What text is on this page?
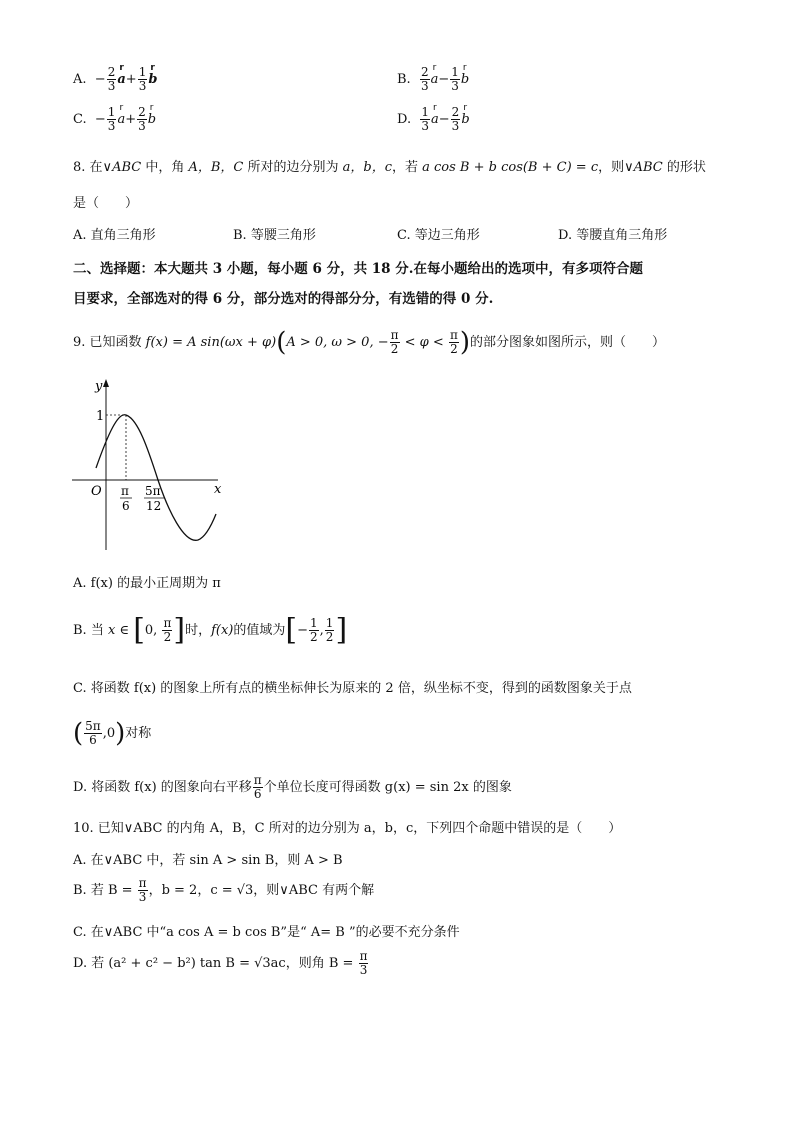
A. − $\frac{2}{3}$ r
$a+ \frac{1}{3}$ r
b	B. $\frac{2}{3}$ r
$a- \frac{1}{3}$ r
b
C. − $\frac{1}{3}$ r
$a+ \frac{2}{3}$ r
b	D. $\frac{1}{3}$ r
$a- \frac{2}{3}$ r
b
8. 在∨ABC 中，角 A，B，C 所对的边分别为 a，b，c，若 a cos B + b cos(B + C) = c，则∨ABC 的形状
是（　　）
A. 直角三角形	B. 等腰三角形	C. 等边三角形	D. 等腰直角三角形
二、选择题：本大题共 3 小题，每小题 6 分，共 18 分.在每小题给出的选项中，有多项符合题
目要求，全部选对的得 6 分，部分选对的得部分分，有选错的得 0 分.
9. 已知函数 f(x) = A sin(ωx + φ)(A > 0, ω > 0, − $\frac{\pi}{2} < \varphi < \frac{\pi}{2}$ )的部分图象如图所示，则（　　）
y
x
O
1
π
6
5π
12
A. f(x) 的最小正周期为 π
B. 当 x ∈ [0, $\frac{\pi}{2}$ ]时，f(x)的值域为[− $\frac{1}{2}$ , $\frac{1}{2}$ ]
C. 将函数 f(x) 的图象上所有点的横坐标伸长为原来的 2 倍，纵坐标不变，得到的函数图象关于点
( $\frac{5\pi}{6} ,0$)对称
D. 将函数 f(x) 的图象向右平移 $\frac{\pi}{6}$ 个单位长度可得函数 g(x) = sin 2x 的图象
10. 已知∨ABC 的内角 A，B，C 所对的边分别为 a，b，c，下列四个命题中错误的是（　　）
A. 在∨ABC 中，若 sin A > sin B，则 A > B
B. 若 $B = \frac{\pi}{3}$ ，b = 2，c = √3，则∨ABC 有两个解
C. 在∨ABC 中“a cos A = b cos B”是“ A= B ”的必要不充分条件
D. 若 (a² + c² − b²) tan B = √3ac，则角 $B = \frac{\pi}{3}$
